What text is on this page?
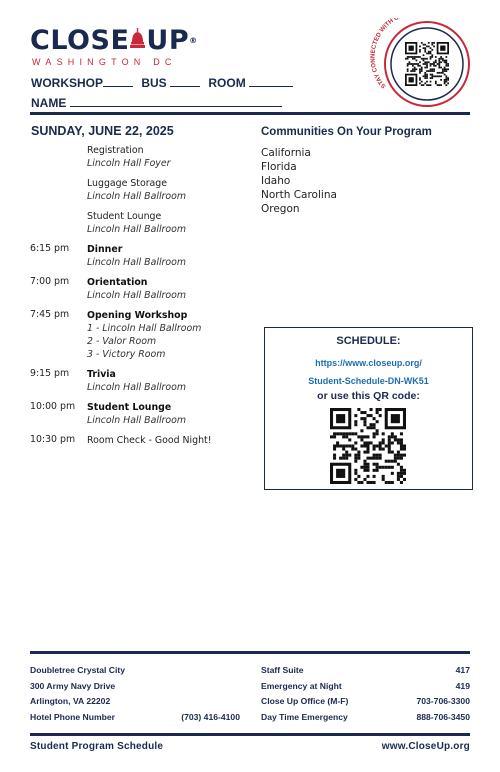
CLOSE UP®
WASHINGTON DC
STAY CONNECTED WITH C
WORKSHOP	BUS	ROOM
NAME
SUNDAY, JUNE 22, 2025
Registration
Lincoln Hall Foyer
Luggage Storage
Lincoln Hall Ballroom
Student Lounge
Lincoln Hall Ballroom
6:15 pm Dinner
Lincoln Hall Ballroom
7:00 pm Orientation
Lincoln Hall Ballroom
7:45 pm Opening Workshop
1 - Lincoln Hall Ballroom
2 - Valor Room
3 - Victory Room
9:15 pm Trivia
Lincoln Hall Ballroom
10:00 pm Student Lounge
Lincoln Hall Ballroom
10:30 pm Room Check - Good Night!
Communities On Your Program
California
Florida
Idaho
North Carolina
Oregon
SCHEDULE:
https://www.closeup.org/
Student-Schedule-DN-WK51
or use this QR code:
Doubletree Crystal City
300 Army Navy Drive
Arlington, VA 22202
Hotel Phone Number	(703) 416-4100
Staff Suite	417
Emergency at Night	419
Close Up Office (M-F)	703-706-3300
Day Time Emergency	888-706-3450
Student Program Schedule	www.CloseUp.org
